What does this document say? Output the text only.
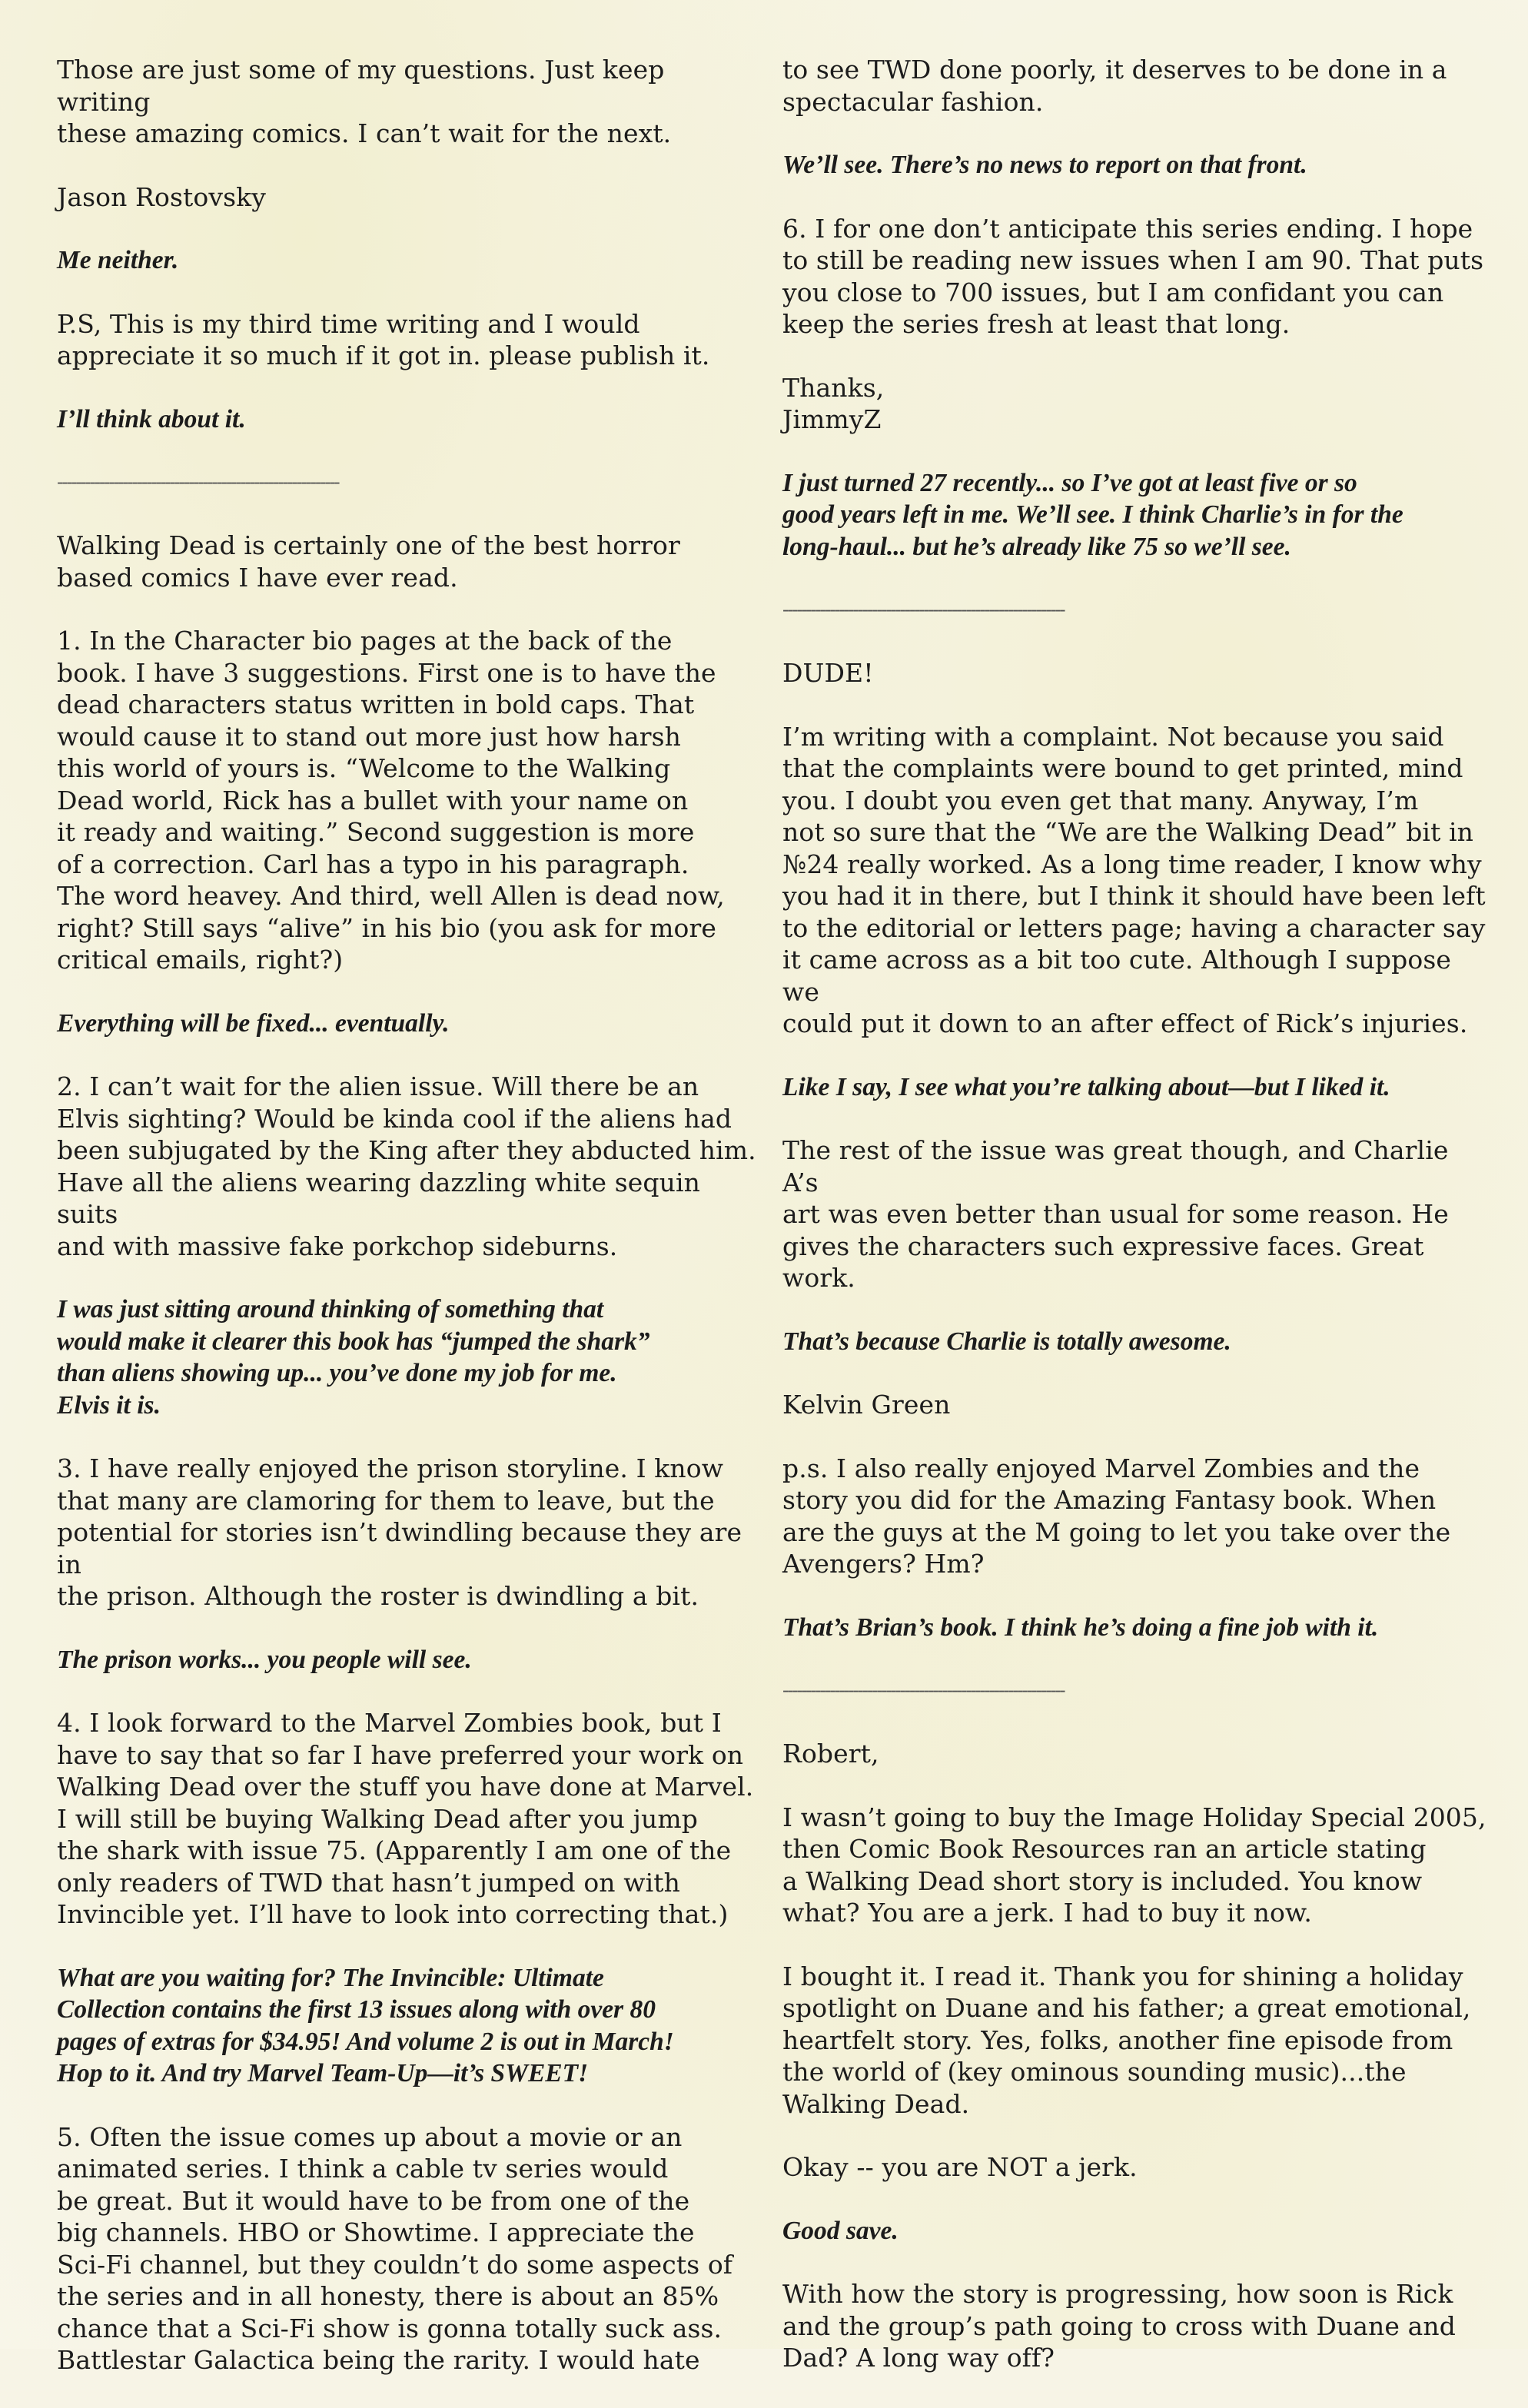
Those are just some of my questions. Just keep writing
these amazing comics. I can’t wait for the next.

Jason Rostovsky

Me neither.

P.S, This is my third time writing and I would
appreciate it so much if it got in. please publish it.

I’ll think about it.

------------------------------------------------------------

Walking Dead is certainly one of the best horror
based comics I have ever read.

1. In the Character bio pages at the back of the
book. I have 3 suggestions. First one is to have the
dead characters status written in bold caps. That
would cause it to stand out more just how harsh
this world of yours is. “Welcome to the Walking
Dead world, Rick has a bullet with your name on
it ready and waiting.” Second suggestion is more
of a correction. Carl has a typo in his paragraph.
The word heavey. And third, well Allen is dead now,
right? Still says “alive” in his bio (you ask for more
critical emails, right?)

Everything will be fixed... eventually.

2. I can’t wait for the alien issue. Will there be an
Elvis sighting? Would be kinda cool if the aliens had
been subjugated by the King after they abducted him.
Have all the aliens wearing dazzling white sequin suits
and with massive fake porkchop sideburns.

I was just sitting around thinking of something that
would make it clearer this book has “jumped the shark”
than aliens showing up... you’ve done my job for me.
Elvis it is.

3. I have really enjoyed the prison storyline. I know
that many are clamoring for them to leave, but the
potential for stories isn’t dwindling because they are in
the prison. Although the roster is dwindling a bit.

The prison works... you people will see.

4. I look forward to the Marvel Zombies book, but I
have to say that so far I have preferred your work on
Walking Dead over the stuff you have done at Marvel.
I will still be buying Walking Dead after you jump
the shark with issue 75. (Apparently I am one of the
only readers of TWD that hasn’t jumped on with
Invincible yet. I’ll have to look into correcting that.)

What are you waiting for? The Invincible: Ultimate
Collection contains the first 13 issues along with over 80
pages of extras for $34.95! And volume 2 is out in March!
Hop to it. And try Marvel Team-Up—it’s SWEET!

5. Often the issue comes up about a movie or an
animated series. I think a cable tv series would
be great. But it would have to be from one of the
big channels. HBO or Showtime. I appreciate the
Sci-Fi channel, but they couldn’t do some aspects of
the series and in all honesty, there is about an 85%
chance that a Sci-Fi show is gonna totally suck ass.
Battlestar Galactica being the rarity. I would hate

to see TWD done poorly, it deserves to be done in a
spectacular fashion.

We’ll see. There’s no news to report on that front.

6. I for one don’t anticipate this series ending. I hope
to still be reading new issues when I am 90. That puts
you close to 700 issues, but I am confidant you can
keep the series fresh at least that long.

Thanks,
JimmyZ

I just turned 27 recently... so I’ve got at least five or so
good years left in me. We’ll see. I think Charlie’s in for the
long-haul... but he’s already like 75 so we’ll see.

------------------------------------------------------------

DUDE!

I’m writing with a complaint. Not because you said
that the complaints were bound to get printed, mind
you. I doubt you even get that many. Anyway, I’m
not so sure that the “We are the Walking Dead” bit in
№24 really worked. As a long time reader, I know why
you had it in there, but I think it should have been left
to the editorial or letters page; having a character say
it came across as a bit too cute. Although I suppose we
could put it down to an after effect of Rick’s injuries.

Like I say, I see what you’re talking about—but I liked it.

The rest of the issue was great though, and Charlie A’s
art was even better than usual for some reason. He
gives the characters such expressive faces. Great work.

That’s because Charlie is totally awesome.

Kelvin Green

p.s. I also really enjoyed Marvel Zombies and the
story you did for the Amazing Fantasy book. When
are the guys at the M going to let you take over the
Avengers? Hm?

That’s Brian’s book. I think he’s doing a fine job with it.

------------------------------------------------------------

Robert,

I wasn’t going to buy the Image Holiday Special 2005,
then Comic Book Resources ran an article stating
a Walking Dead short story is included. You know
what? You are a jerk. I had to buy it now.

I bought it. I read it. Thank you for shining a holiday
spotlight on Duane and his father; a great emotional,
heartfelt story. Yes, folks, another fine episode from
the world of (key ominous sounding music)...the
Walking Dead.

Okay -- you are NOT a jerk.

Good save.

With how the story is progressing, how soon is Rick
and the group’s path going to cross with Duane and
Dad? A long way off?
